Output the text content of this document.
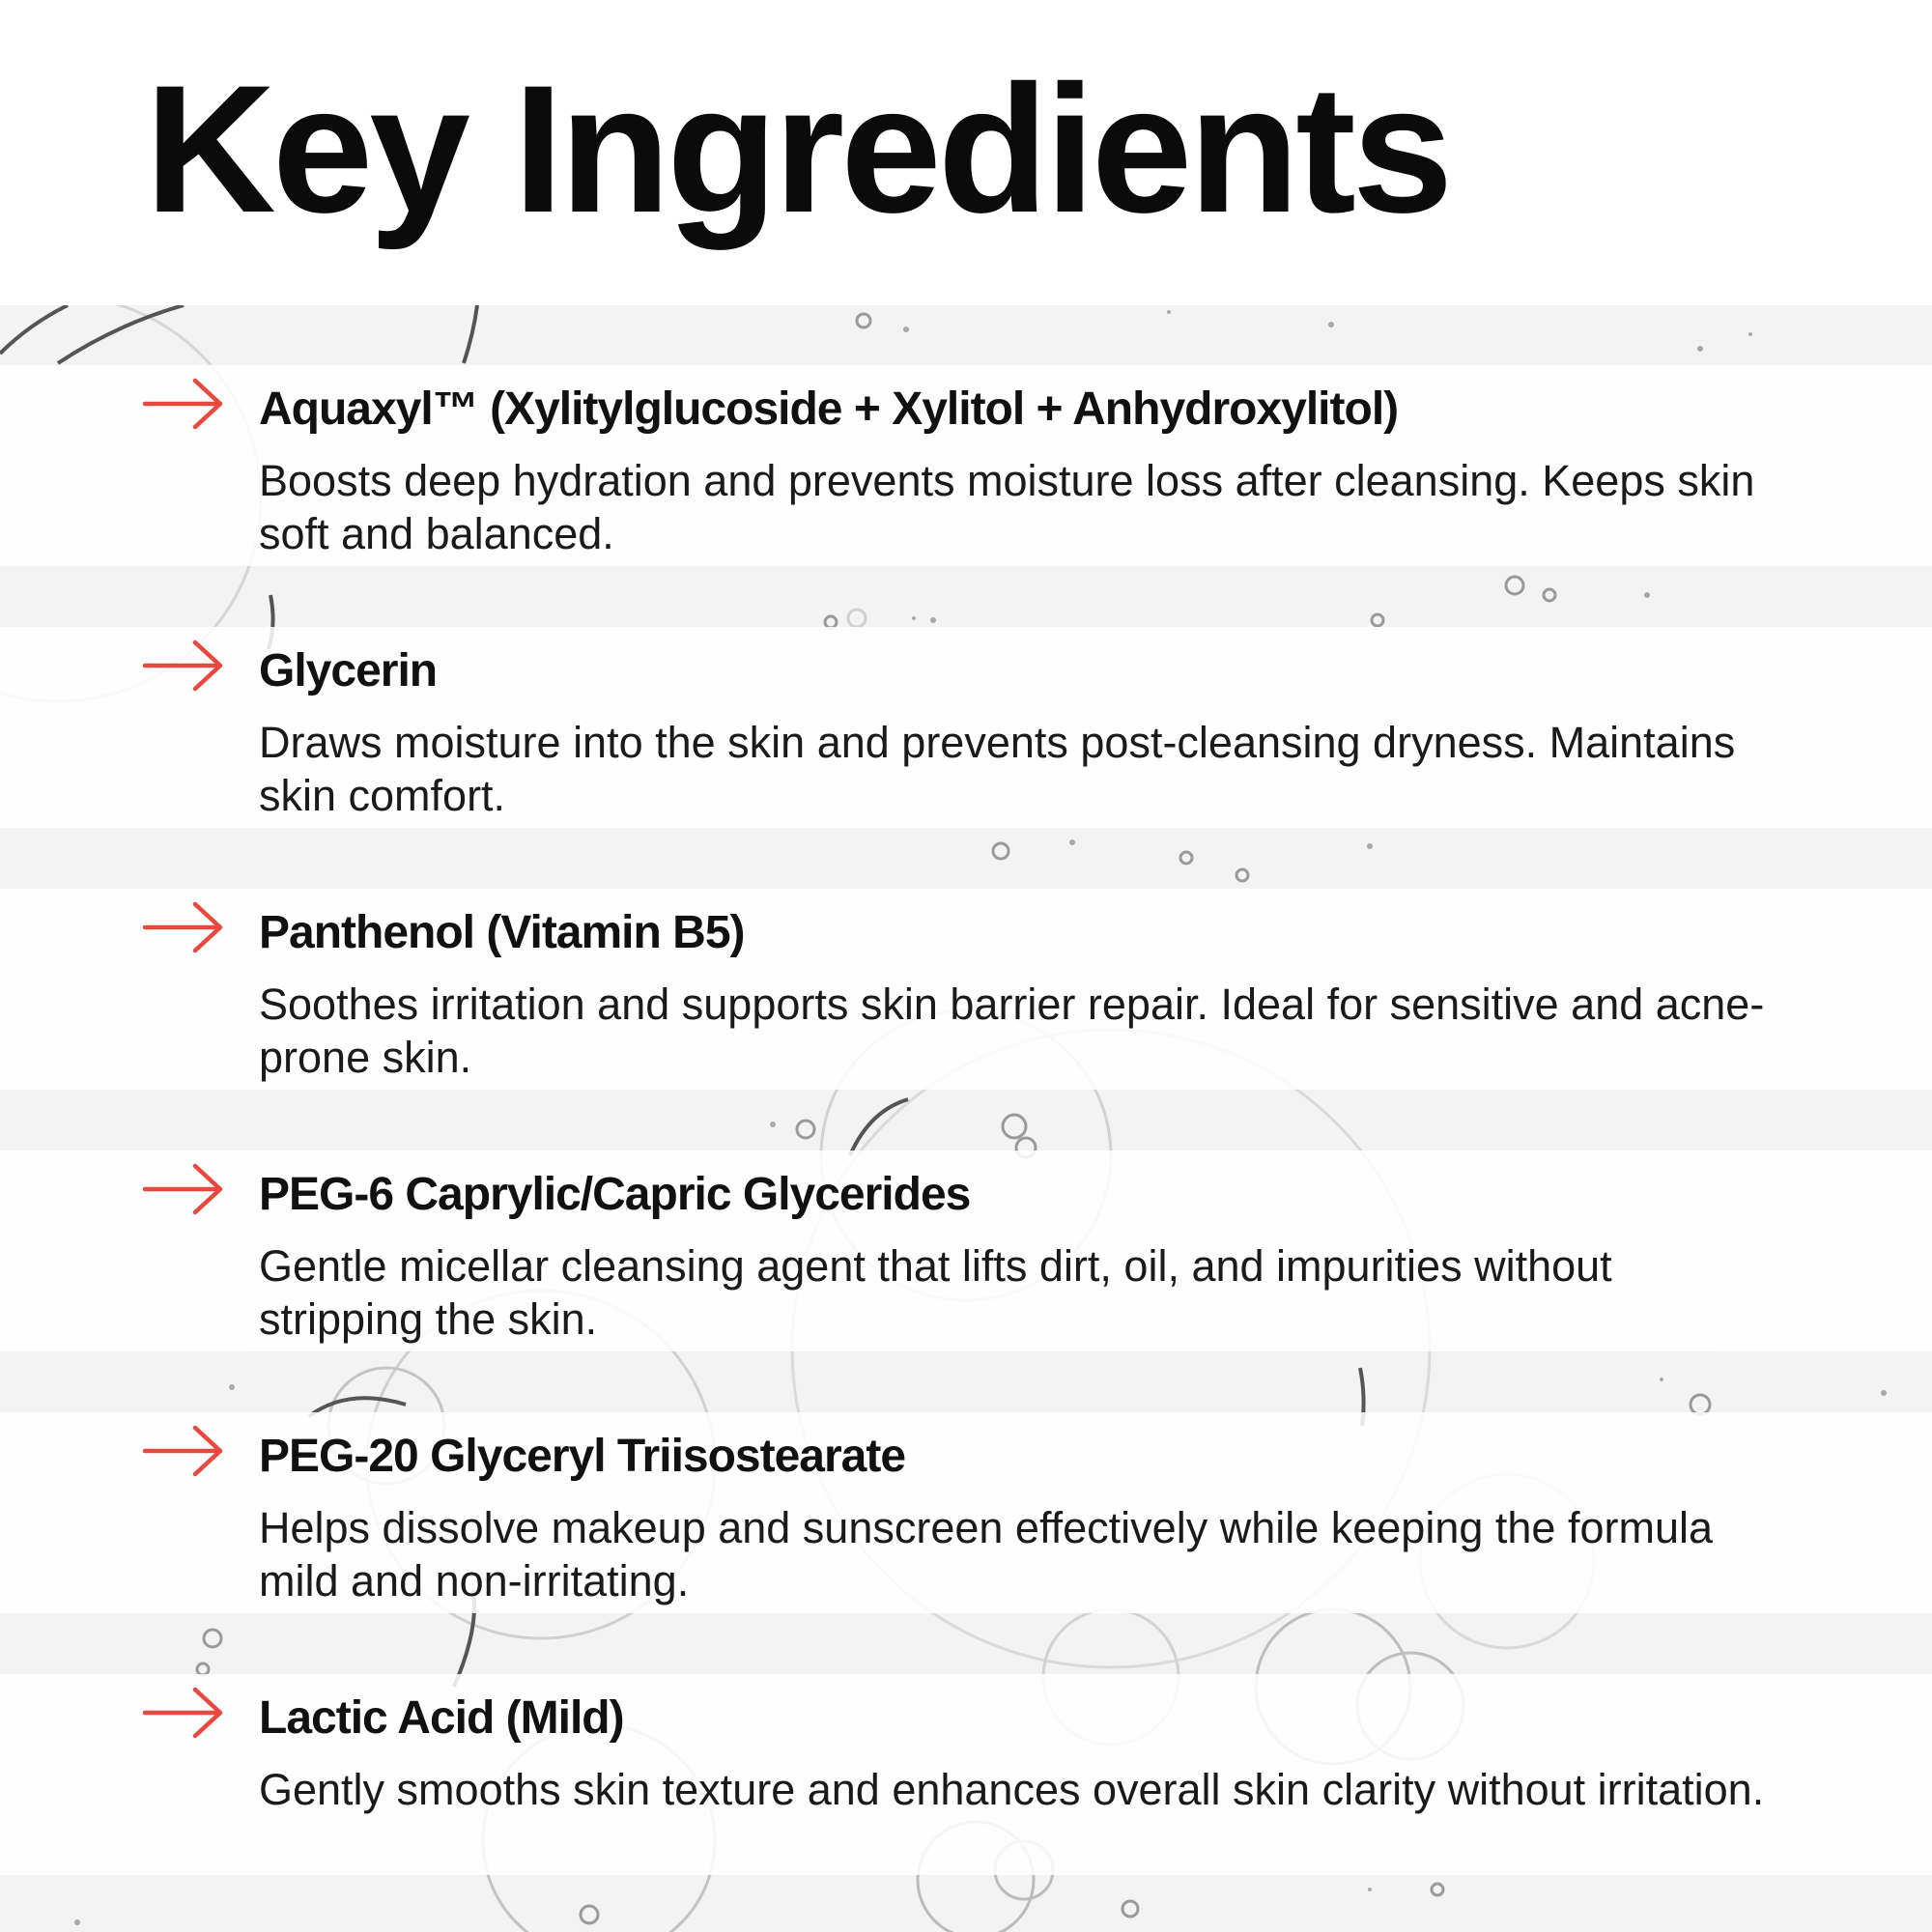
Key Ingredients
Aquaxyl™ (Xylitylglucoside + Xylitol + Anhydroxylitol)

Boosts deep hydration and prevents moisture loss after cleansing. Keeps skin soft and balanced.

Glycerin

Draws moisture into the skin and prevents post-cleansing dryness. Maintains skin comfort.

Panthenol (Vitamin B5)

Soothes irritation and supports skin barrier repair. Ideal for sensitive and acne-prone skin.

PEG-6 Caprylic/Capric Glycerides

Gentle micellar cleansing agent that lifts dirt, oil, and impurities without stripping the skin.

PEG-20 Glyceryl Triisostearate

Helps dissolve makeup and sunscreen effectively while keeping the formula mild and non-irritating.

Lactic Acid (Mild)

Gently smooths skin texture and enhances overall skin clarity without irritation.
